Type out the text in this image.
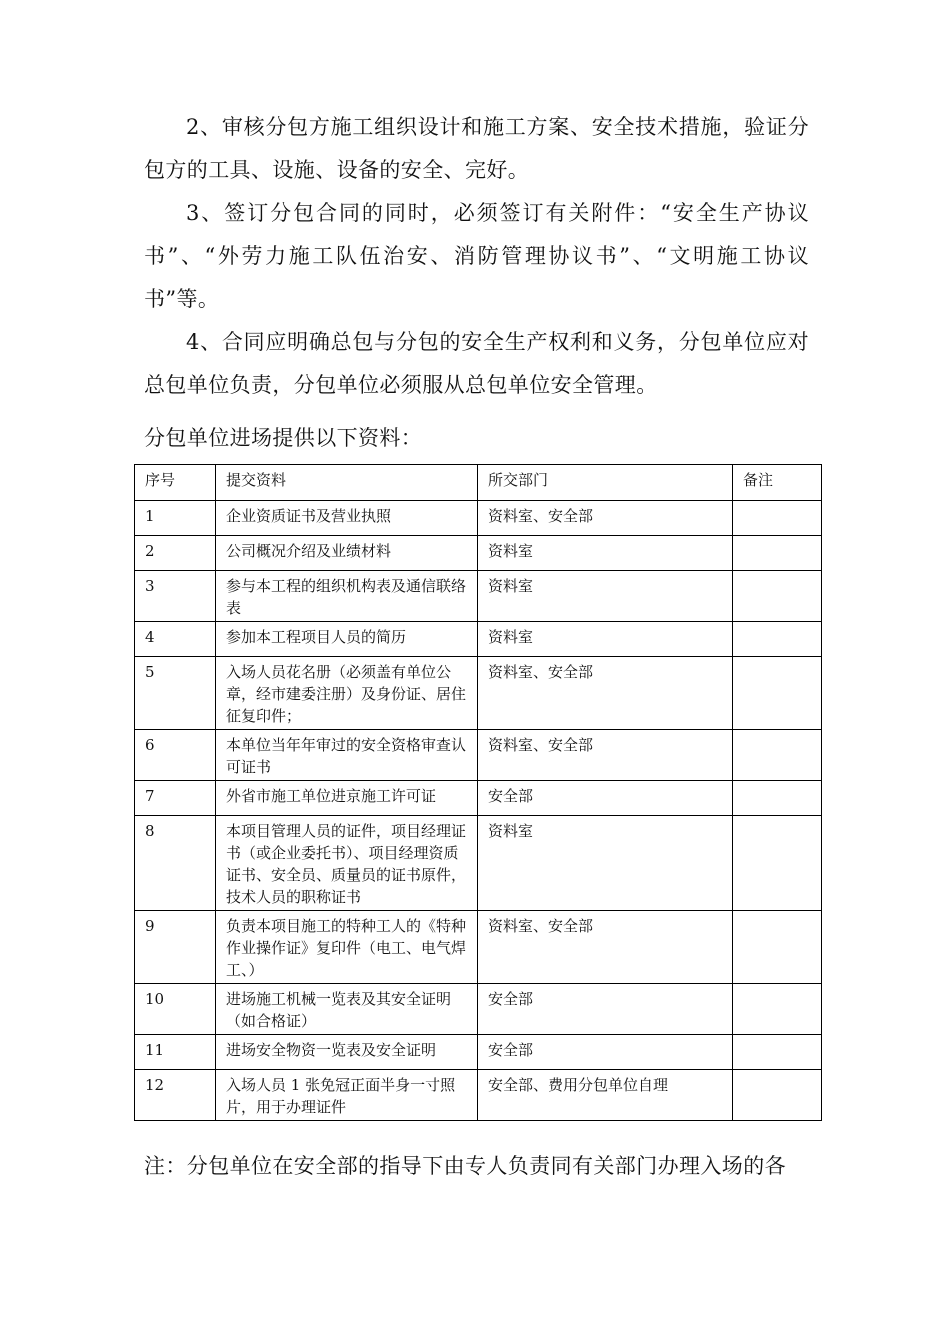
2、审核分包方施工组织设计和施工方案、安全技术措施，验证分包方的工具、设施、设备的安全、完好。

3、签订分包合同的同时，必须签订有关附件：“安全生产协议书”、“外劳力施工队伍治安、消防管理协议书”、“文明施工协议书”等。

4、合同应明确总包与分包的安全生产权利和义务，分包单位应对总包单位负责，分包单位必须服从总包单位安全管理。

分包单位进场提供以下资料：
序号	提交资料	所交部门	备注
1	企业资质证书及营业执照	资料室、安全部	
2	公司概况介绍及业绩材料	资料室	
3	参与本工程的组织机构表及通信联络表	资料室	
4	参加本工程项目人员的简历	资料室	
5	入场人员花名册（必须盖有单位公章，经市建委注册）及身份证、居住征复印件；	资料室、安全部	
6	本单位当年年审过的安全资格审查认可证书	资料室、安全部	
7	外省市施工单位进京施工许可证	安全部	
8	本项目管理人员的证件，项目经理证书（或企业委托书）、项目经理资质证书、安全员、质量员的证书原件，技术人员的职称证书	资料室	
9	负责本项目施工的特种工人的《特种作业操作证》复印件（电工、电气焊工、）	资料室、安全部	
10	进场施工机械一览表及其安全证明（如合格证）	安全部	
11	进场安全物资一览表及安全证明	安全部	
12	入场人员 1 张免冠正面半身一寸照片，用于办理证件	安全部、费用分包单位自理	
注：分包单位在安全部的指导下由专人负责同有关部门办理入场的各
